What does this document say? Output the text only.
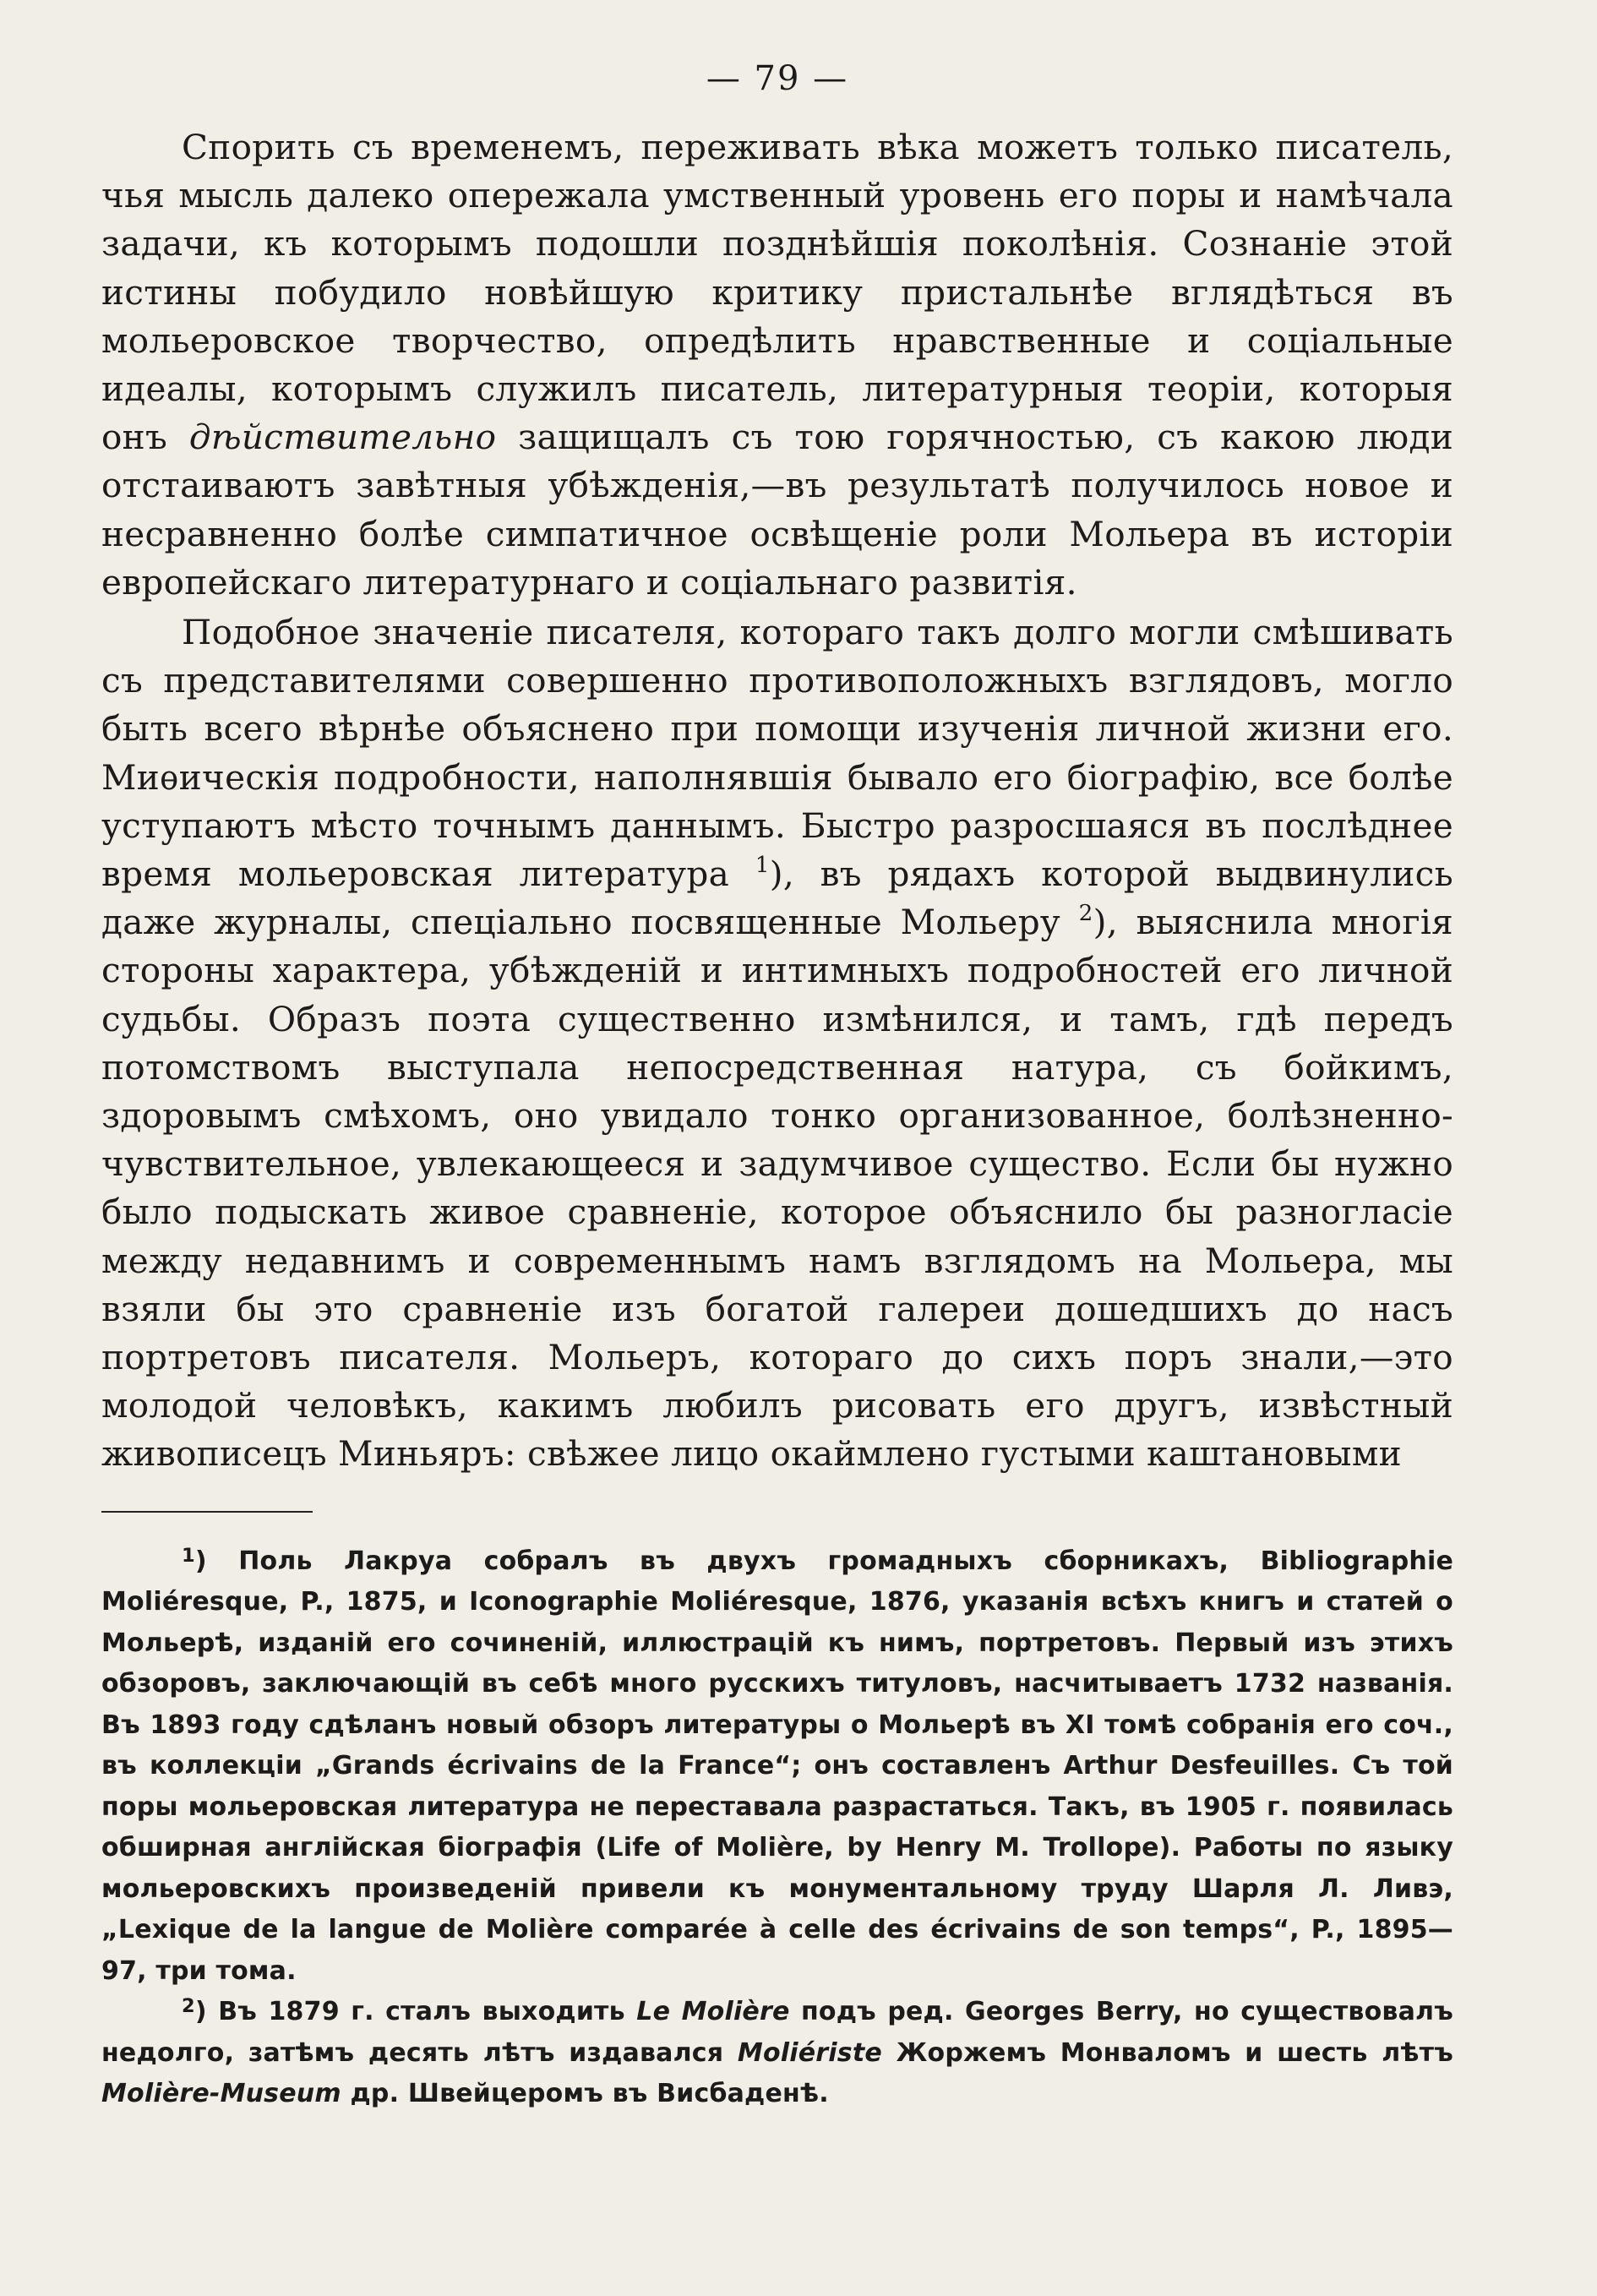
— 79 —

Спорить съ временемъ, переживать вѣка можетъ только писатель, чья мысль далеко опережала умственный уровень его поры и намѣчала задачи, къ которымъ подошли позднѣйшія поколѣнія. Сознаніе этой истины побудило новѣйшую критику пристальнѣе вглядѣться въ мольеровское творчество, опредѣлить нравственные и соціальные идеалы, которымъ служилъ писатель, литературныя теоріи, которыя онъ дѣйствительно защищалъ съ тою горячностью, съ какою люди отстаиваютъ завѣтныя убѣжденія,—въ результатѣ получилось новое и несравненно болѣе симпатичное освѣщеніе роли Мольера въ исторіи европейскаго литературнаго и соціальнаго развитія.

Подобное значеніе писателя, котораго такъ долго могли смѣшивать съ представителями совершенно противоположныхъ взглядовъ, могло быть всего вѣрнѣе объяснено при помощи изученія личной жизни его. Миѳическія подробности, наполнявшія бывало его біографію, все болѣе уступаютъ мѣсто точнымъ даннымъ. Быстро разросшаяся въ послѣднее время мольеровская литература $^1$), въ рядахъ которой выдвинулись даже журналы, спеціально посвященные Мольеру $^2$), выяснила многія стороны характера, убѣжденій и интимныхъ подробностей его личной судьбы. Образъ поэта существенно измѣнился, и тамъ, гдѣ передъ потомствомъ выступала непосредственная натура, съ бойкимъ, здоровымъ смѣхомъ, оно увидало тонко организованное, болѣзненно-чувствительное, увлекающееся и задумчивое существо. Если бы нужно было подыскать живое сравненіе, которое объяснило бы разногласіе между недавнимъ и современнымъ намъ взглядомъ на Мольера, мы взяли бы это сравненіе изъ богатой галереи дошедшихъ до насъ портретовъ писателя. Мольеръ, котораго до сихъ поръ знали,—это молодой человѣкъ, какимъ любилъ рисовать его другъ, извѣстный живописецъ Миньяръ: свѣжее лицо окаймлено густыми каштановыми

$^1$) Поль Лакруа собралъ въ двухъ громадныхъ сборникахъ, Bibliographie Moliéresque, P., 1875, и Iconographie Moliéresque, 1876, указанія всѣхъ книгъ и статей о Мольерѣ, изданій его сочиненій, иллюстрацій къ нимъ, портретовъ. Первый изъ этихъ обзоровъ, заключающій въ себѣ много русскихъ титуловъ, насчитываетъ 1732 названія. Въ 1893 году сдѣланъ новый обзоръ литературы о Мольерѣ въ XI томѣ собранія его соч., въ коллекціи „Grands écrivains de la France“; онъ составленъ Arthur Desfeuilles. Съ той поры мольеровская литература не переставала разрастаться. Такъ, въ 1905 г. появилась обширная англійская біографія (Life of Molière, by Henry M. Trollope). Работы по языку мольеровскихъ произведеній привели къ монументальному труду Шарля Л. Ливэ, „Lexique de la langue de Molière comparée à celle des écrivains de son temps“, P., 1895—97, три тома.

$^2$) Въ 1879 г. сталъ выходить Le Molière подъ ред. Georges Berry, но существовалъ недолго, затѣмъ десять лѣтъ издавался Moliériste Жоржемъ Монваломъ и шесть лѣтъ Molière-Museum др. Швейцеромъ въ Висбаденѣ.
